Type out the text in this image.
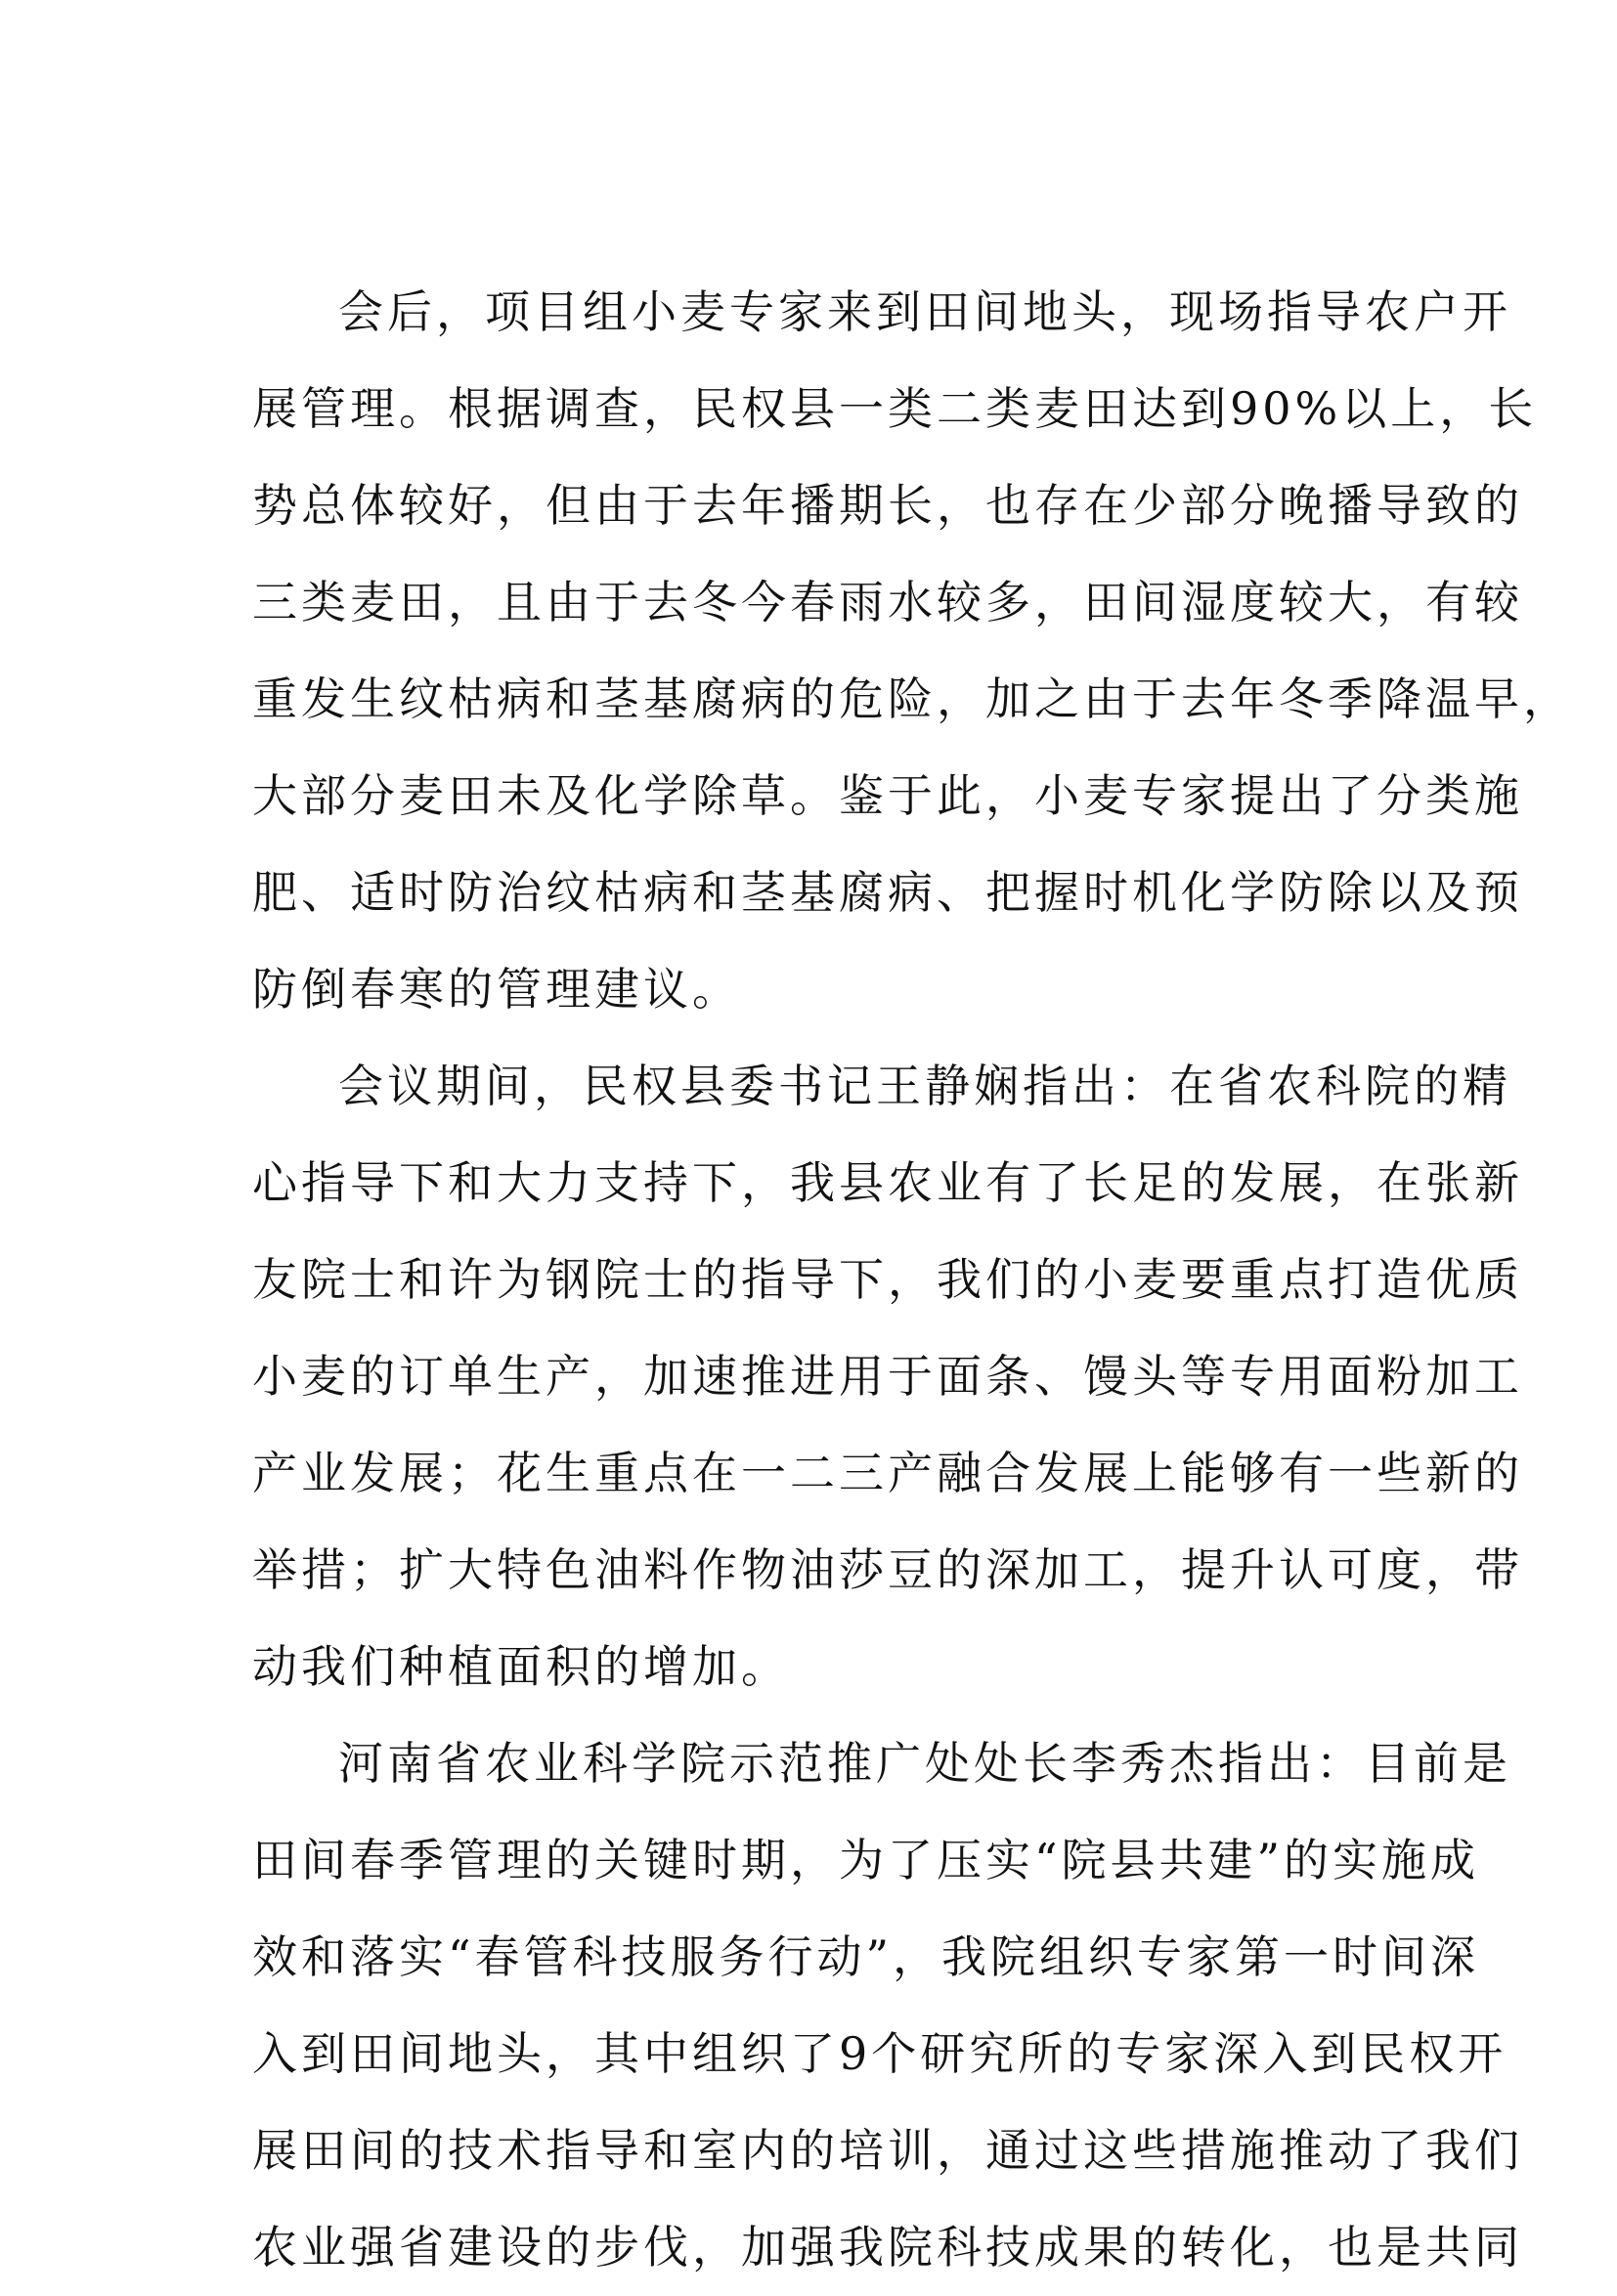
会后，项目组小麦专家来到田间地头，现场指导农户开
展管理。根据调查，民权县一类二类麦田达到90%以上，长
势总体较好，但由于去年播期长，也存在少部分晚播导致的
三类麦田，且由于去冬今春雨水较多，田间湿度较大，有较
重发生纹枯病和茎基腐病的危险，加之由于去年冬季降温早，
大部分麦田未及化学除草。鉴于此，小麦专家提出了分类施
肥、适时防治纹枯病和茎基腐病、把握时机化学防除以及预
防倒春寒的管理建议。
会议期间，民权县委书记王静娴指出：在省农科院的精
心指导下和大力支持下，我县农业有了长足的发展，在张新
友院士和许为钢院士的指导下，我们的小麦要重点打造优质
小麦的订单生产，加速推进用于面条、馒头等专用面粉加工
产业发展；花生重点在一二三产融合发展上能够有一些新的
举措；扩大特色油料作物油莎豆的深加工，提升认可度，带
动我们种植面积的增加。
河南省农业科学院示范推广处处长李秀杰指出：目前是
田间春季管理的关键时期，为了压实“院县共建”的实施成
效和落实“春管科技服务行动”，我院组织专家第一时间深
入到田间地头，其中组织了9个研究所的专家深入到民权开
展田间的技术指导和室内的培训，通过这些措施推动了我们
农业强省建设的步伐，加强我院科技成果的转化，也是共同
